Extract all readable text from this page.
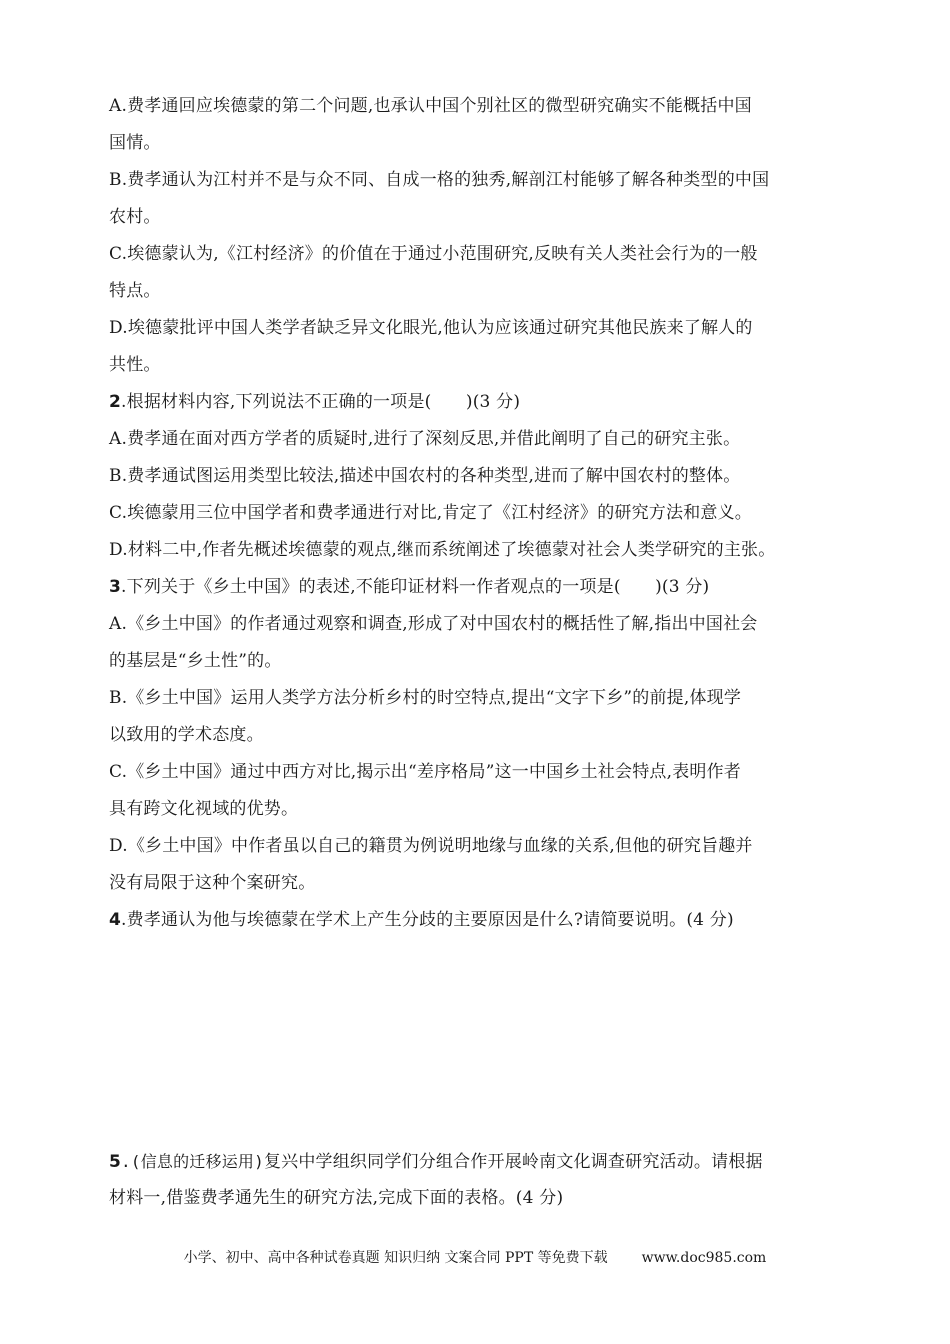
A.费孝通回应埃德蒙的第二个问题,也承认中国个别社区的微型研究确实不能概括中国
国情。
B.费孝通认为江村并不是与众不同、自成一格的独秀,解剖江村能够了解各种类型的中国
农村。
C.埃德蒙认为,《江村经济》的价值在于通过小范围研究,反映有关人类社会行为的一般
特点。
D.埃德蒙批评中国人类学者缺乏异文化眼光,他认为应该通过研究其他民族来了解人的
共性。
2.根据材料内容,下列说法不正确的一项是(　　)(3 分)
A.费孝通在面对西方学者的质疑时,进行了深刻反思,并借此阐明了自己的研究主张。
B.费孝通试图运用类型比较法,描述中国农村的各种类型,进而了解中国农村的整体。
C.埃德蒙用三位中国学者和费孝通进行对比,肯定了《江村经济》的研究方法和意义。
D.材料二中,作者先概述埃德蒙的观点,继而系统阐述了埃德蒙对社会人类学研究的主张。
3.下列关于《乡土中国》的表述,不能印证材料一作者观点的一项是(　　)(3 分)
A.《乡土中国》的作者通过观察和调查,形成了对中国农村的概括性了解,指出中国社会
的基层是“乡土性”的。
B.《乡土中国》运用人类学方法分析乡村的时空特点,提出“文字下乡”的前提,体现学
以致用的学术态度。
C.《乡土中国》通过中西方对比,揭示出“差序格局”这一中国乡土社会特点,表明作者
具有跨文化视域的优势。
D.《乡土中国》中作者虽以自己的籍贯为例说明地缘与血缘的关系,但他的研究旨趣并
没有局限于这种个案研究。
4.费孝通认为他与埃德蒙在学术上产生分歧的主要原因是什么?请简要说明。(4 分)
5.(信息的迁移运用)复兴中学组织同学们分组合作开展岭南文化调查研究活动。请根据
材料一,借鉴费孝通先生的研究方法,完成下面的表格。(4 分)
小学、初中、高中各种试卷真题 知识归纳 文案合同 PPT 等免费下载 www.doc985.com
